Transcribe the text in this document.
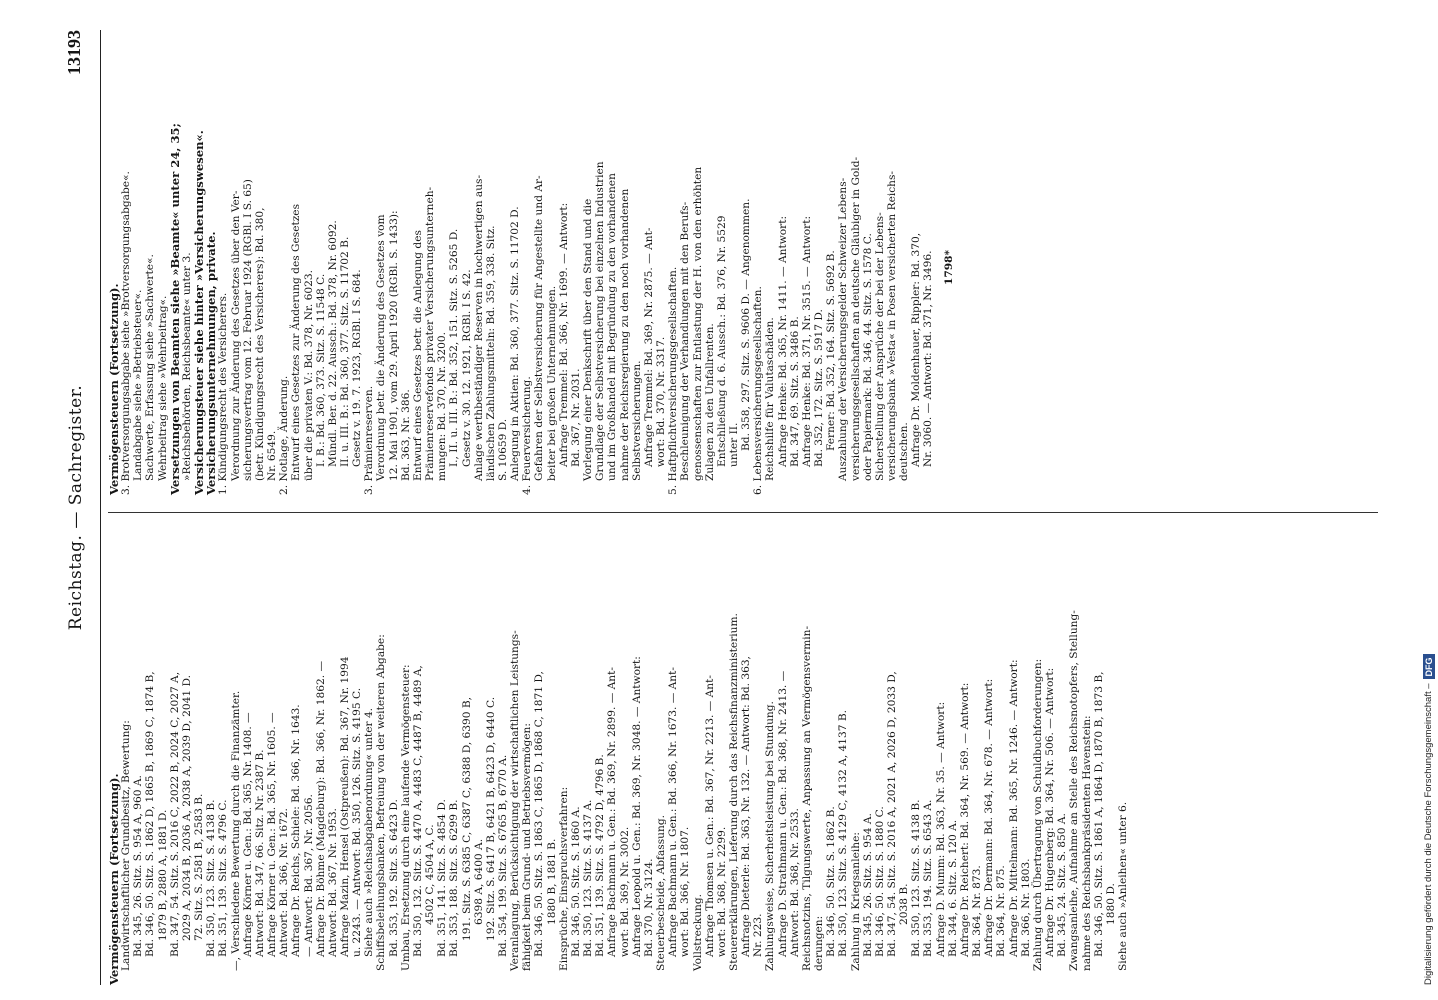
Reichstag. — Sachregister.
13193
Vermögensteuern (Fortsetzung). Landwirtschaftlicher Grundbesitz, Bewertung: Bd. 345, 26. Sitz. S. 954 A, 960 A. Bd. 346, 50. Sitz. S. 1862 D, 1865 B, 1869 C, 1874 B, 1879 B, 2880 A, 1881 D. Bd. 347, 54. Sitz. S. 2016 C, 2022 B, 2024 C, 2027 A, 2029 A, 2034 B, 2036 A, 2038 A, 2039 D, 2041 D. 72. Sitz. S. 2581 B, 2583 B. Bd. 350, 123. Sitz. S. 4138 B. Bd. 351, 139. Sitz. S. 4796 C. —, Verschiedene Bewertung durch die Finanzämter. Anfrage Körner u. Gen.: Bd. 365, Nr. 1408. — Antwort: Bd. 347, 66. Sitz. Nr. 2387 B. Anfrage Körner u. Gen.: Bd. 365, Nr. 1605. — Antwort: Bd. 366, Nr. 1672. Anfrage Dr. Reichs, Schiele: Bd. 366, Nr. 1643. — Antwort: Bd. 367, Nr. 2056. Anfrage Dr. Böhme (Magdeburg): Bd. 366, Nr. 1862. — Antwort: Bd. 367, Nr. 1953. Anfrage Mazin, Hensel (Ostpreußen): Bd. 367, Nr. 1994 u. 2243. — Antwort: Bd. 350, 126. Sitz. S. 4195 C. Siehe auch »Reichsabgabenordnung« unter 4. Schiffsbeleihungsbanken, Befreiung von der weiteren Abgabe: Bd. 353, 192. Sitz. S. 6423 D. Umbau, Ersetzung durch eine laufende Vermögensteuer: Bd. 350, 132. Sitz. S. 4470 A, 4483 C, 4487 B, 4489 A, 4502 C, 4504 A, C. Bd. 351, 141. Sitz. S. 4854 D. Bd. 353, 188. Sitz. S. 6299 B. 191. Sitz. S. 6385 C, 6387 C, 6388 D, 6390 B, 6398 A, 6400 A. 192. Sitz. S. 6417 B, 6421 B, 6423 D, 6440 C. Bd. 354, 199. Sitz. S. 6765 B, 6770 A. Veranlagung, Berücksichtigung der wirtschaftlichen Leistungs- fähigkeit beim Grund- und Betriebsvermögen: Bd. 346, 50. Sitz. S. 1863 C, 1865 D, 1868 C, 1871 D, 1880 B, 1881 B. Einsprüche, Einspruchsverfahren: Bd. 346, 50. Sitz. S. 1860 A. Bd. 350, 123. Sitz. S. 4137 A. Bd. 351, 139. Sitz. S. 4792 D, 4796 B. Anfrage Bachmann u. Gen.: Bd. 369, Nr. 2899. — Ant- wort: Bd. 369, Nr. 3002. Anfrage Leopold u. Gen.: Bd. 369, Nr. 3048. — Antwort: Bd. 370, Nr. 3124. Steuerbescheide, Abfassung. Anfrage Bachmann u. Gen.: Bd. 366, Nr. 1673. — Ant- wort: Bd. 366, Nr. 1807. Vollstreckung. Anfrage Thomsen u. Gen.: Bd. 367, Nr. 2213. — Ant- wort: Bd. 368, Nr. 2299. Steuererklärungen, Lieferung durch das Reichsfinanzministerium. Anfrage Dieterle: Bd. 363, Nr. 132. — Antwort: Bd. 363, Nr. 223. Zahlungsweise, Sicherheitsleistung bei Stundung. Anfrage D. Strathmann u. Gen.: Bd. 368, Nr. 2413. — Antwort: Bd. 368, Nr. 2533. Reichsnotzins, Tilgungswerte, Anpassung an Vermögensvermin- derungen: Bd. 346, 50. Sitz. S. 1862 B. Bd. 350, 123. Sitz. S. 4129 C, 4132 A, 4137 B. Zahlung in Kriegsanleihe: Bd. 345, 26. Sitz. S. 954 A. Bd. 346, 50. Sitz. S. 1880 C. Bd. 347, 54. Sitz. S. 2016 A, 2021 A, 2026 D, 2033 D, 2038 B. Bd. 350, 123. Sitz. S. 4138 B. Bd. 353, 194. Sitz. S. 6543 A. Anfrage D. Mumm: Bd. 363, Nr. 35. — Antwort: Bd. 344, 6. Sitz. S. 120 A. Anfrage Dr. Reichert: Bd. 364, Nr. 569. — Antwort: Bd. 364, Nr. 873. Anfrage Dr. Dermann: Bd. 364, Nr. 678. — Antwort: Bd. 364, Nr. 875. Anfrage Dr. Mittelmann: Bd. 365, Nr. 1246. — Antwort: Bd. 366, Nr. 1803. Zahlung durch Übertragung von Schuldbuchforderungen: Anfrage Dr. Hugenberg: Bd. 364, Nr. 506. — Antwort: Bd. 345, 24. Sitz. S. 850 A. Zwangsanleihe, Aufnahme an Stelle des Reichsnotopfers, Stellung- nahme des Reichsbankpräsidenten Havenstein: Bd. 346, 50. Sitz. S. 1861 A, 1864 D, 1870 B, 1873 B, 1880 D. Siehe auch »Anleihen« unter 6.
Vermögensteuern (Fortsetzung). 3. Brotversorgungsabgabe siehe »Brotversorgungsabgabe«. Landabgabe siehe »Betriebsteuer«. Sachwerte, Erfassung siehe »Sachwerte«. Wehrbeitrag siehe »Wehrbeitrag«. Versetzungen von Beamten siehe »Beamte« unter 24, 35; »Reichsbehörden, Reichsbeamte« unter 3. Versicherungsteuer siehe hinter »Versicherungswesen«.
Versicherungsunternehmungen, private. 1. Kündigungsrecht des Versicherers. Verordnung zur Änderung des Gesetzes über den Ver- sicherungsvertrag vom 12. Februar 1924 (RGBl. I S. 65) (betr. Kündigungsrecht des Versicherers): Bd. 380, Nr. 6549. 2. Notlage, Änderung. Entwurf eines Gesetzes zur Änderung des Gesetzes über die privaten V.: Bd. 378, Nr. 6023. I. B.: Bd. 360, 373. Sitz. S. 11548 C. Mündl. Ber. d. 22. Aussch.: Bd. 378, Nr. 6092. II. u. III. B.: Bd. 360, 377. Sitz. S. 11702 B. Gesetz v. 19. 7. 1923, RGBl. I S. 684. 3. Prämienreserven. Verordnung betr. die Änderung des Gesetzes vom 12. Mai 1901, vom 29. April 1920 (RGBl. S. 1433): Bd. 363, Nr. 386. Entwurf eines Gesetzes betr. die Anlegung des Prämienreservefonds privater Versicherungsunterneh- mungen: Bd. 370, Nr. 3200. I., II. u. III. B.: Bd. 352, 151. Sitz. S. 5265 D. Gesetz v. 30. 12. 1921, RGBl. I S. 42. Anlage werthbeständiger Reserven in hochwertigen aus- ländischen Zahlungsmitteln: Bd. 359, 338. Sitz. S. 10659 D. Anlegung in Aktien: Bd. 360, 377. Sitz. S. 11702 D. 4. Feuerversicherung. Gefahren der Selbstversicherung für Angestellte und Ar- beiter bei großen Unternehmungen. Anfrage Tremmel: Bd. 366, Nr. 1699. — Antwort: Bd. 367, Nr. 2031. Vorlegung einer Denkschrift über den Stand und die Grundlage der Selbstversicherung bei einzelnen Industrien und im Großhandel mit Begründung zu den vorhandenen nahme der Reichsregierung zu den noch vorhandenen Selbstversicherungen. Anfrage Tremmel: Bd. 369, Nr. 2875. — Ant- wort: Bd. 370, Nr. 3317. 5. Haftpflichtversicherungsgesellschaften. Beschleunigung der Verhandlungen mit den Berufs- genossenschaften zur Entlastung der H. von den erhöhten Zulagen zu den Unfallrenten. Entschließung d. 6. Aussch.: Bd. 376, Nr. 5529 unter II. Bd. 358, 297. Sitz. S. 9606 D. — Angenommen. 6. Lebensversicherungsgesellschaften. Reichshilfe für Valutaschäden. Anfrage Henke: Bd. 365, Nr. 1411. — Antwort: Bd. 347, 69. Sitz. S. 3486 B. Anfrage Henke: Bd. 371, Nr. 3515. — Antwort: Bd. 352, 172. Sitz. S. 5917 D. Ferner: Bd. 352, 164. Sitz. S. 5692 B. Auszahlung der Versicherungsgelder Schweizer Lebens- versicherungsgesellschaften an deutsche Gläubiger in Gold- oder Papiermark: Bd. 346, 44. Sitz. S. 1578 C. Sicherstellung der Ansprüche der bei der Lebens- versicherungsbank »Vesta« in Posen versicherten Reichs- deutschen. Anfrage Dr. Moldenhauer, Rippler: Bd. 370, Nr. 3060. — Antwort: Bd. 371, Nr. 3496. 1798*
Digitalisierung gefördert durch die Deutsche Forschungsgemeinschaft –DFG
